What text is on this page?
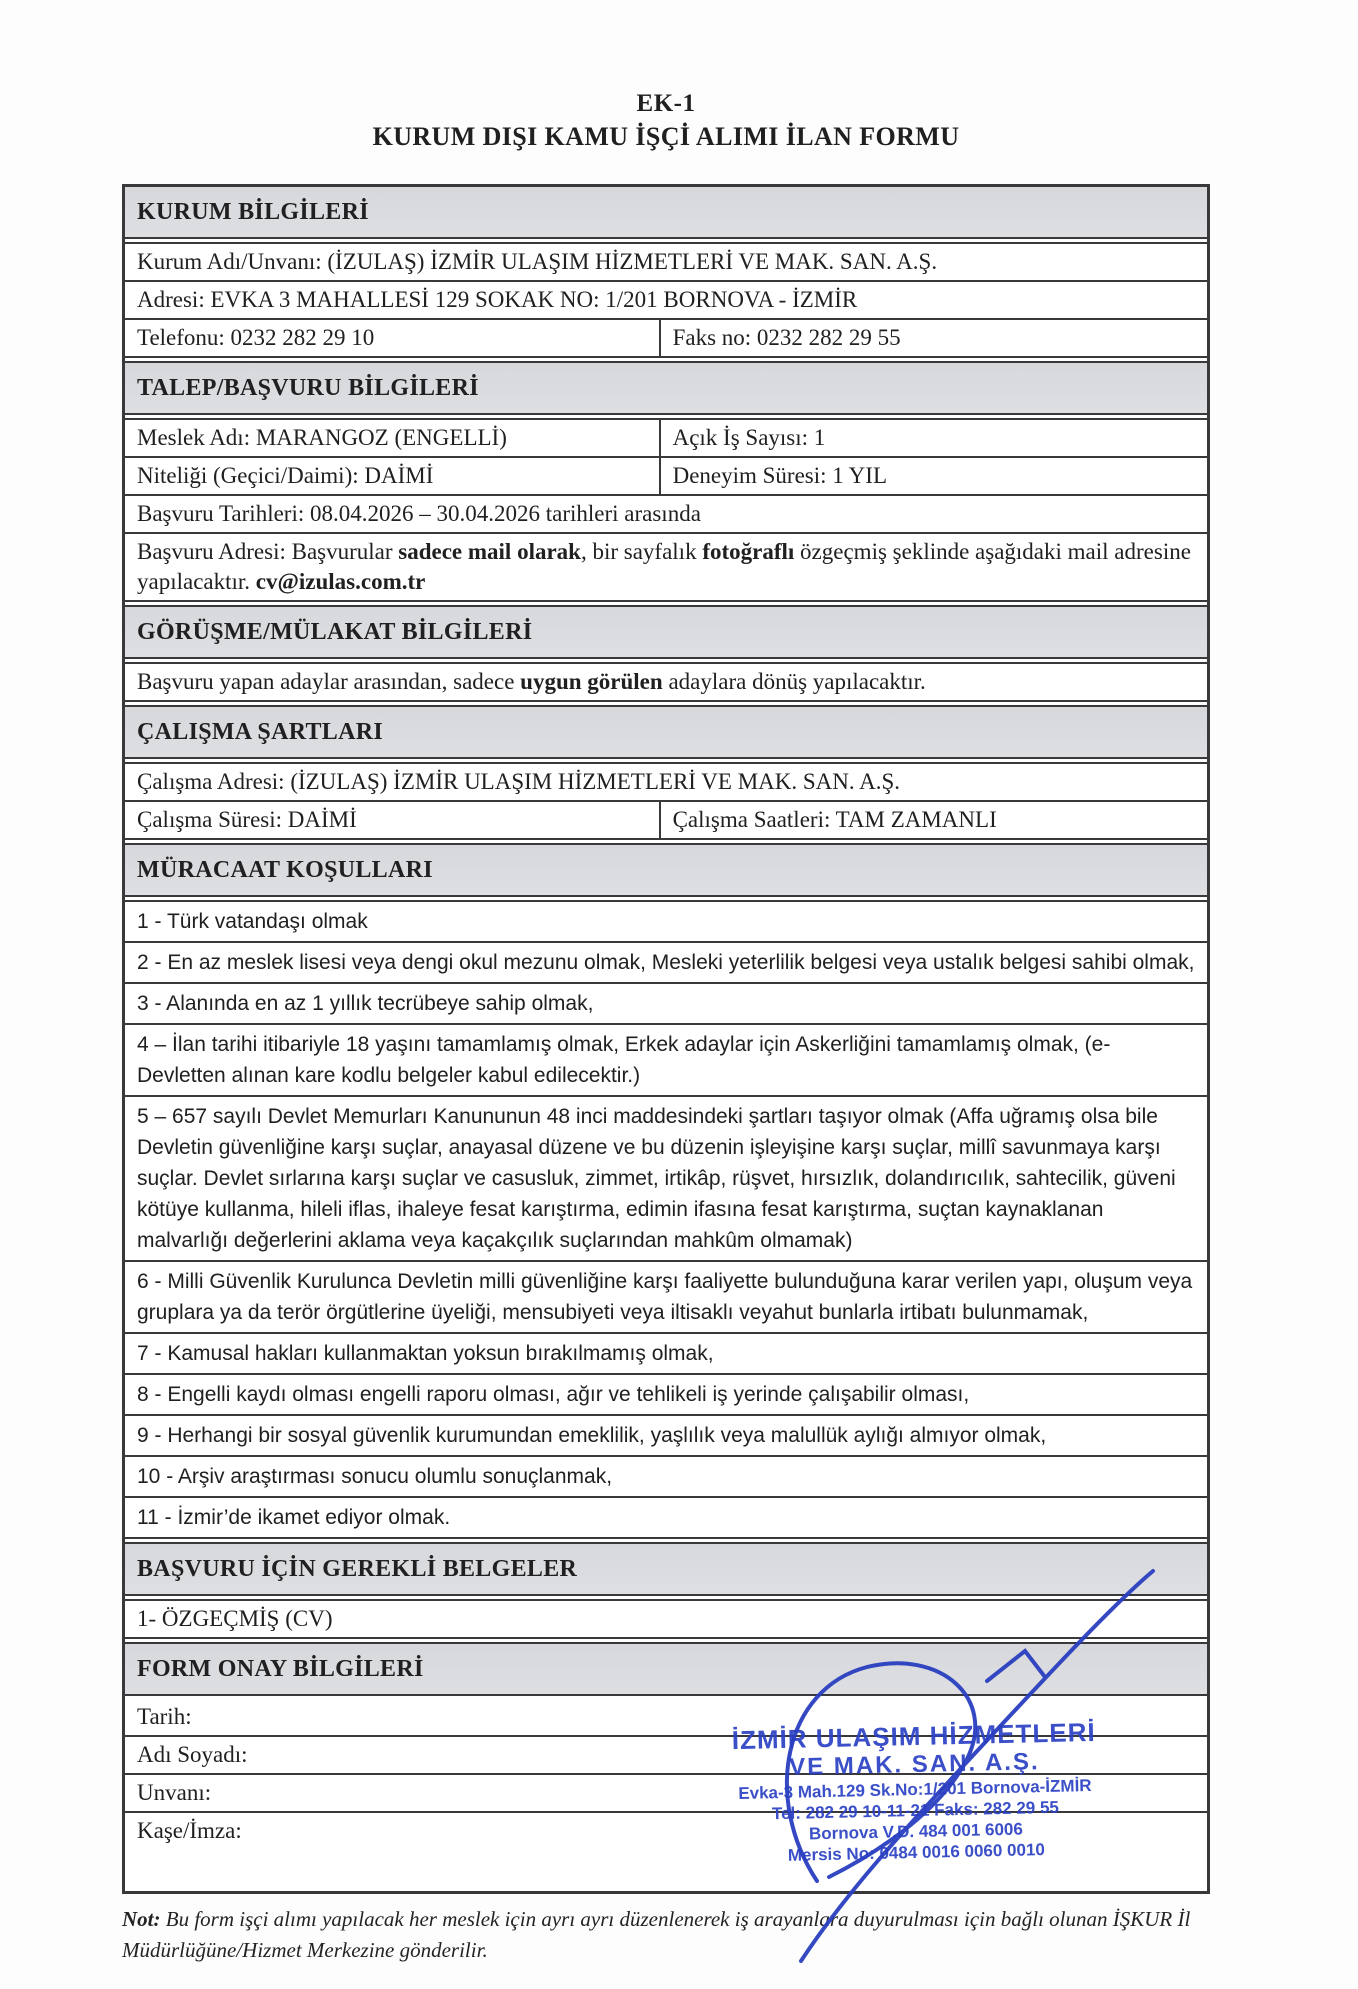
EK-1
KURUM DIŞI KAMU İŞÇİ ALIMI İLAN FORMU
KURUM BİLGİLERİ
Kurum Adı/Unvanı: (İZULAŞ) İZMİR ULAŞIM HİZMETLERİ VE MAK. SAN. A.Ş.
Adresi: EVKA 3 MAHALLESİ 129 SOKAK NO: 1/201 BORNOVA - İZMİR
Telefonu: 0232 282 29 10	Faks no: 0232 282 29 55
TALEP/BAŞVURU BİLGİLERİ
Meslek Adı: MARANGOZ (ENGELLİ)	Açık İş Sayısı: 1
Niteliği (Geçici/Daimi): DAİMİ	Deneyim Süresi: 1 YIL
Başvuru Tarihleri: 08.04.2026 – 30.04.2026 tarihleri arasında
Başvuru Adresi: Başvurular sadece mail olarak, bir sayfalık fotoğraflı özgeçmiş şeklinde aşağıdaki mail adresine yapılacaktır. cv@izulas.com.tr
GÖRÜŞME/MÜLAKAT BİLGİLERİ
Başvuru yapan adaylar arasından, sadece uygun görülen adaylara dönüş yapılacaktır.
ÇALIŞMA ŞARTLARI
Çalışma Adresi: (İZULAŞ) İZMİR ULAŞIM HİZMETLERİ VE MAK. SAN. A.Ş.
Çalışma Süresi: DAİMİ	Çalışma Saatleri: TAM ZAMANLI
MÜRACAAT KOŞULLARI
1 - Türk vatandaşı olmak
2 - En az meslek lisesi veya dengi okul mezunu olmak, Mesleki yeterlilik belgesi veya ustalık belgesi sahibi olmak,
3 - Alanında en az 1 yıllık tecrübeye sahip olmak,
4 – İlan tarihi itibariyle 18 yaşını tamamlamış olmak, Erkek adaylar için Askerliğini tamamlamış olmak, (e-Devletten alınan kare kodlu belgeler kabul edilecektir.)
5 – 657 sayılı Devlet Memurları Kanununun 48 inci maddesindeki şartları taşıyor olmak (Affa uğramış olsa bile Devletin güvenliğine karşı suçlar, anayasal düzene ve bu düzenin işleyişine karşı suçlar, millî savunmaya karşı suçlar. Devlet sırlarına karşı suçlar ve casusluk, zimmet, irtikâp, rüşvet, hırsızlık, dolandırıcılık, sahtecilik, güveni kötüye kullanma, hileli iflas, ihaleye fesat karıştırma, edimin ifasına fesat karıştırma, suçtan kaynaklanan malvarlığı değerlerini aklama veya kaçakçılık suçlarından mahkûm olmamak)
6 - Milli Güvenlik Kurulunca Devletin milli güvenliğine karşı faaliyette bulunduğuna karar verilen yapı, oluşum veya gruplara ya da terör örgütlerine üyeliği, mensubiyeti veya iltisaklı veyahut bunlarla irtibatı bulunmamak,
7 - Kamusal hakları kullanmaktan yoksun bırakılmamış olmak,
8 - Engelli kaydı olması engelli raporu olması, ağır ve tehlikeli iş yerinde çalışabilir olması,
9 - Herhangi bir sosyal güvenlik kurumundan emeklilik, yaşlılık veya malullük aylığı almıyor olmak,
10 - Arşiv araştırması sonucu olumlu sonuçlanmak,
11 - İzmir’de ikamet ediyor olmak.
BAŞVURU İÇİN GEREKLİ BELGELER
1- ÖZGEÇMİŞ (CV)
FORM ONAY BİLGİLERİ
Tarih:
Adı Soyadı:
Unvanı:
Kaşe/İmza:
İZMİR ULAŞIM HİZMETLERİ
VE MAK. SAN. A.Ş.
Evka-3 Mah.129 Sk.No:1/201 Bornova-İZMİR
Tel: 282 29 10-11-21 Faks: 282 29 55
Bornova V.D. 484 001 6006
Mersis No: 0484 0016 0060 0010
Not: Bu form işçi alımı yapılacak her meslek için ayrı ayrı düzenlenerek iş arayanlara duyurulması için bağlı olunan İŞKUR İl Müdürlüğüne/Hizmet Merkezine gönderilir.
